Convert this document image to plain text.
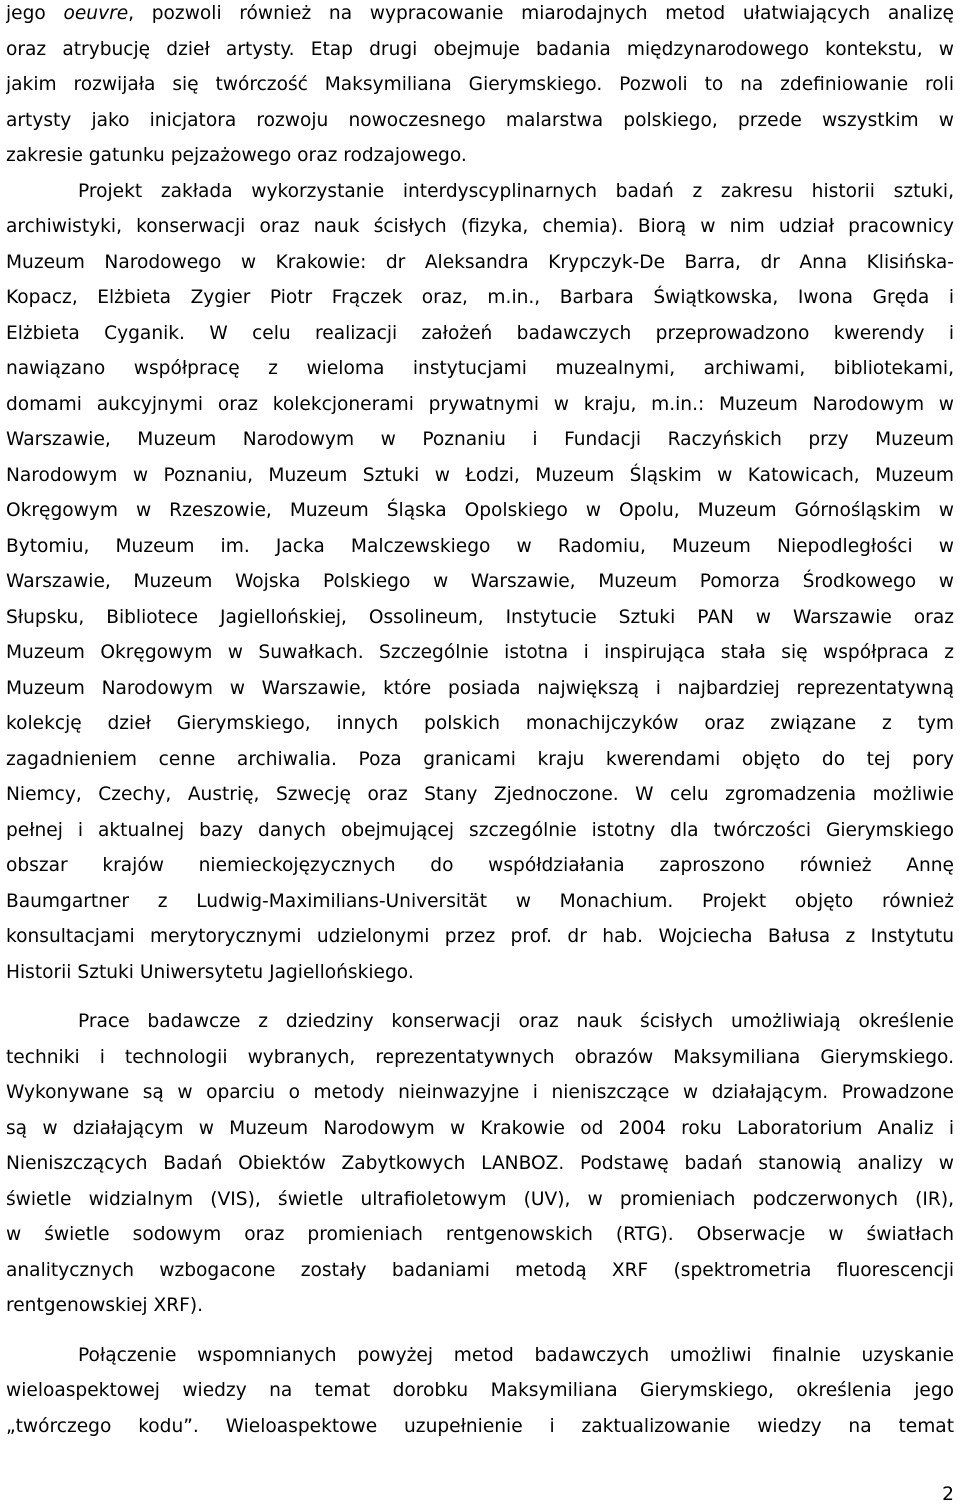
jego oeuvre, pozwoli również na wypracowanie miarodajnych metod ułatwiających analizę
oraz atrybucję dzieł artysty. Etap drugi obejmuje badania międzynarodowego kontekstu, w
jakim rozwijała się twórczość Maksymiliana Gierymskiego. Pozwoli to na zdefiniowanie roli
artysty jako inicjatora rozwoju nowoczesnego malarstwa polskiego, przede wszystkim w
zakresie gatunku pejzażowego oraz rodzajowego.
Projekt zakłada wykorzystanie interdyscyplinarnych badań z zakresu historii sztuki,
archiwistyki, konserwacji oraz nauk ścisłych (fizyka, chemia). Biorą w nim udział pracownicy
Muzeum Narodowego w Krakowie: dr Aleksandra Krypczyk-De Barra, dr Anna Klisińska-
Kopacz, Elżbieta Zygier Piotr Frączek oraz, m.in., Barbara Świątkowska, Iwona Gręda i
Elżbieta Cyganik. W celu realizacji założeń badawczych przeprowadzono kwerendy i
nawiązano współpracę z wieloma instytucjami muzealnymi, archiwami, bibliotekami,
domami aukcyjnymi oraz kolekcjonerami prywatnymi w kraju, m.in.: Muzeum Narodowym w
Warszawie, Muzeum Narodowym w Poznaniu i Fundacji Raczyńskich przy Muzeum
Narodowym w Poznaniu, Muzeum Sztuki w Łodzi, Muzeum Śląskim w Katowicach, Muzeum
Okręgowym w Rzeszowie, Muzeum Śląska Opolskiego w Opolu, Muzeum Górnośląskim w
Bytomiu, Muzeum im. Jacka Malczewskiego w Radomiu, Muzeum Niepodległości w
Warszawie, Muzeum Wojska Polskiego w Warszawie, Muzeum Pomorza Środkowego w
Słupsku, Bibliotece Jagiellońskiej, Ossolineum, Instytucie Sztuki PAN w Warszawie oraz
Muzeum Okręgowym w Suwałkach. Szczególnie istotna i inspirująca stała się współpraca z
Muzeum Narodowym w Warszawie, które posiada największą i najbardziej reprezentatywną
kolekcję dzieł Gierymskiego, innych polskich monachijczyków oraz związane z tym
zagadnieniem cenne archiwalia. Poza granicami kraju kwerendami objęto do tej pory
Niemcy, Czechy, Austrię, Szwecję oraz Stany Zjednoczone. W celu zgromadzenia możliwie
pełnej i aktualnej bazy danych obejmującej szczególnie istotny dla twórczości Gierymskiego
obszar krajów niemieckojęzycznych do współdziałania zaproszono również Annę
Baumgartner z Ludwig-Maximilians-Universität w Monachium. Projekt objęto również
konsultacjami merytorycznymi udzielonymi przez prof. dr hab. Wojciecha Bałusa z Instytutu
Historii Sztuki Uniwersytetu Jagiellońskiego.
Prace badawcze z dziedziny konserwacji oraz nauk ścisłych umożliwiają określenie
techniki i technologii wybranych, reprezentatywnych obrazów Maksymiliana Gierymskiego.
Wykonywane są w oparciu o metody nieinwazyjne i nieniszczące w działającym. Prowadzone
są w działającym w Muzeum Narodowym w Krakowie od 2004 roku Laboratorium Analiz i
Nieniszczących Badań Obiektów Zabytkowych LANBOZ. Podstawę badań stanowią analizy w
świetle widzialnym (VIS), świetle ultrafioletowym (UV), w promieniach podczerwonych (IR),
w świetle sodowym oraz promieniach rentgenowskich (RTG). Obserwacje w światłach
analitycznych wzbogacone zostały badaniami metodą XRF (spektrometria fluorescencji
rentgenowskiej XRF).
Połączenie wspomnianych powyżej metod badawczych umożliwi finalnie uzyskanie
wieloaspektowej wiedzy na temat dorobku Maksymiliana Gierymskiego, określenia jego
„twórczego kodu”. Wieloaspektowe uzupełnienie i zaktualizowanie wiedzy na temat
2
